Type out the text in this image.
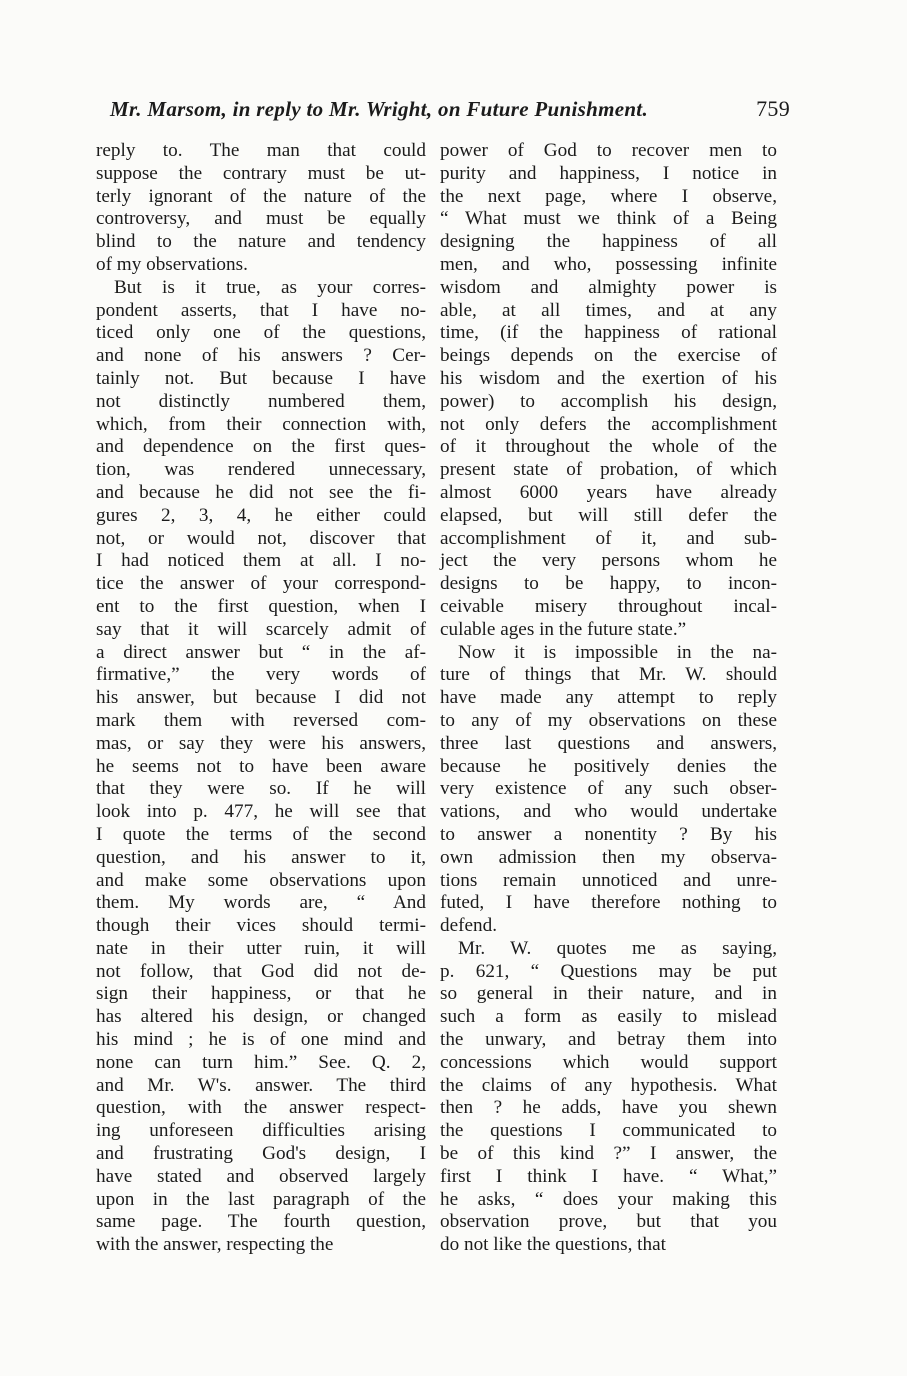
Mr. Marsom, in reply to Mr. Wright, on Future Punishment.	759
reply to. The man that could
suppose the contrary must be ut-
terly ignorant of the nature of the
controversy, and must be equally
blind to the nature and tendency
of my observations.
But is it true, as your corres-
pondent asserts, that I have no-
ticed only one of the questions,
and none of his answers ? Cer-
tainly not. But because I have
not distinctly numbered them,
which, from their connection with,
and dependence on the first ques-
tion, was rendered unnecessary,
and because he did not see the fi-
gures 2, 3, 4, he either could
not, or would not, discover that
I had noticed them at all. I no-
tice the answer of your correspond-
ent to the first question, when I
say that it will scarcely admit of
a direct answer but “ in the af-
firmative,” the very words of
his answer, but because I did not
mark them with reversed com-
mas, or say they were his answers,
he seems not to have been aware
that they were so. If he will
look into p. 477, he will see that
I quote the terms of the second
question, and his answer to it,
and make some observations upon
them. My words are, “ And
though their vices should termi-
nate in their utter ruin, it will
not follow, that God did not de-
sign their happiness, or that he
has altered his design, or changed
his mind ; he is of one mind and
none can turn him.” See. Q. 2,
and Mr. W's. answer. The third
question, with the answer respect-
ing unforeseen difficulties arising
and frustrating God's design, I
have stated and observed largely
upon in the last paragraph of the
same page. The fourth question,
with the answer, respecting the
power of God to recover men to
purity and happiness, I notice in
the next page, where I observe,
“ What must we think of a Being
designing the happiness of all
men, and who, possessing infinite
wisdom and almighty power is
able, at all times, and at any
time, (if the happiness of rational
beings depends on the exercise of
his wisdom and the exertion of his
power) to accomplish his design,
not only defers the accomplishment
of it throughout the whole of the
present state of probation, of which
almost 6000 years have already
elapsed, but will still defer the
accomplishment of it, and sub-
ject the very persons whom he
designs to be happy, to incon-
ceivable misery throughout incal-
culable ages in the future state.”
Now it is impossible in the na-
ture of things that Mr. W. should
have made any attempt to reply
to any of my observations on these
three last questions and answers,
because he positively denies the
very existence of any such obser-
vations, and who would undertake
to answer a nonentity ? By his
own admission then my observa-
tions remain unnoticed and unre-
futed, I have therefore nothing to
defend.
Mr. W. quotes me as saying,
p. 621, “ Questions may be put
so general in their nature, and in
such a form as easily to mislead
the unwary, and betray them into
concessions which would support
the claims of any hypothesis. What
then ? he adds, have you shewn
the questions I communicated to
be of this kind ?” I answer, the
first I think I have. “ What,”
he asks, “ does your making this
observation prove, but that you
do not like the questions, that
